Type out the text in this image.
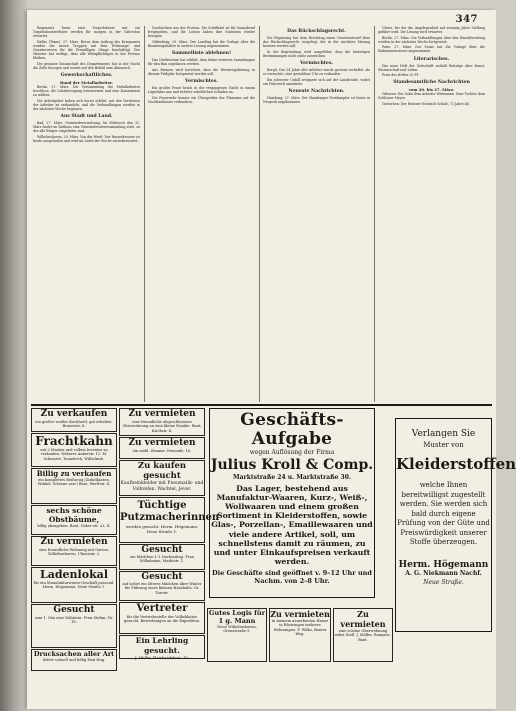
347

Regiments fowie zwei Torpedoboote mit ein Torpedobootzerftörer werden für morgen in der Galveston erwartet.

Dallas (Texas), 27. März. Bevor dem Auftrag des Kriegsamts wurden die neuen Truppen mit dem Wohnungs- und Quartierwesen für die Freiwilligen Gänge beschäftigt. Der Minister hat verfügt, dass alle Wehrpflichtigen in der Provinz bleiben.

Die gesamte Mannschaft des Departements hat in der Nacht die Zelte bezogen und wartet auf den Befehl zum Abmarsch.

Gewerkschaftliches.
Bund der Metallarbeiter.

Berlin, 27. März. Die Versammlung der Metallarbeiter beschloss, die Lohnbewegung fortzusetzen und eine Kommission zu wählen.

Die Arbeitgeber haben sich bereit erklärt, mit den Vertretern der Arbeiter zu verhandeln, und die Verhandlungen werden in der nächsten Woche beginnen.

Aus Stadt und Land.

Bad, 27. März. Gemeindeverwaltung. Im Mittwoch den 31. März findet im Rathaus eine Gemeinderatsversammlung statt, zu der alle Bürger eingeladen sind.

Wilhelmshaven, 29. März. Von der Werft. Der Panzerkreuzer ist heute ausgelaufen und wird im Laufe der Woche zurückerwartet.

Nachrichten aus der Provinz. Die Schiffahrt ist für Sonnabend freigegeben, und die Lotsen haben ihre Stationen wieder bezogen.

Oldenburg, 29. März. Der Landtag hat die Vorlage über die Beamtengehälter in zweiter Lesung angenommen.

Sammelliste ablehnen!

Das Direktorium hat erklärt, dass keine weiteren Sammlungen für den Bau zugelassen werden.

Aus Bremen wird berichtet, dass die Weserregulierung in diesem Frühjahr fortgesetzt werden soll.

Vermischtes.

Ein großes Feuer brach in der vergangenen Nacht in einem Lagerhaus aus und richtete erheblichen Schaden an.

Die Feuerwehr konnte ein Übergreifen der Flammen auf die Nachbarhäuser verhindern.

Das Rückschlagsrecht.

Die Regierung hat dem Reichstag einen Gesetzentwurf über das Rückschlagsrecht vorgelegt, der in der nächsten Sitzung beraten werden soll.

In der Begründung wird ausgeführt, dass die bisherigen Bestimmungen nicht mehr ausreichen.

Vermischtes.

Bergd. Der 24 Jahre alte Arbeiter wurde gestern verhaftet, als er versuchte, eine gestohlene Uhr zu verkaufen.

Ein schwerer Unfall ereignete sich auf der Landstraße, wobei ein Fuhrwerk umstürzte.

Neueste Nachrichten.

Hamburg, 27. März. Der Hamburger Postdampfer ist heute in Neuyork angekommen.

Christ. bei der die Angelegenheit auf zwanzig Jahre Stellung geführt wird. Die Lösung wird erwartet.

Berlin, 27. März. Die Verhandlungen über den Handelsvertrag werden in der nächsten Woche fortgesetzt.

Paris, 27. März. Der Senat hat die Vorlage über die Einkommensteuer angenommen.

Literarisches.

Das neue Heft der Zeitschrift enthält Beiträge über Kunst, Wissenschaft und Leben.

Preis des Heftes 50 Pf.

Standesamtliche Nachrichten
vom 20. bis 27. März.

Geboren: Ein Sohn dem Arbeiter Wehrmann. Eine Tochter dem Schlosser Meyer.

Gestorben: Der Rentner Heinrich Schulz, 72 Jahre alt.

Zu verkaufen
ein großer weißer Kochherd, gut erhalten. Brauerstr. 8.
Frachtkahn
mit 2 Masten und vollem Inventar zu verkaufen. Näheres Ankerstr. 12. M. Schmertz, Tonndeich, Wilhelmsh.
Billig zu verkaufen
ein komplettes Reißzeug (Zirkelkasten, Winkel, Schiene usw.) Bant, Werftstr. 4.
sechs schöne Obstbäume,
billig abzugeben. Bant, Göker-str. 22, II.
Zu vermieten
eine freundliche Wohnung mit Garten. Wilhelmshaven, Ulmenstr. 2.
Ladenlokal
für ein Manufakturwaren-Geschäft passend. Herm. Högemann, Neue Straße 1.
Gesucht
zum 1. Mai eine Nähterin. Frau Stefan, Nr. 18.
Drucksachen aller Art
liefert schnell und billig Paul Hug.
Zu vermieten
eine freundliche abgeschlossene Oberwohnung an eine kleine Familie. Bant, Kirchstr. 4.
Zu vermieten
ein möbl. Zimmer. Neuende, 16.
Zu kaufen gesucht
Kaufbeinkleider mit Pneumatik- und Vollreifen. Wachtel, Jever.
Tüchtige Putzmacherinnen
werden gesucht. Herm. Högemann, Neue Straße 1.
Gesucht
ein Mädchen f. 3 Nachmittag. Frau Wilhelmine, Marktstr. 1.
Gesucht
auf sofort ein älteres Mädchen über Winter für Führung eines kleinen Haushalts. Gr. Tortstr.
Vertreter
für die Vertriebsstelle des Volksblattes gesucht. Bewerbungen an die Expedition.
Ein Lehrling gesucht.
J. Müller, Kleinhandelsstr. 19.
Geschäfts-Aufgabe
wegen Auflösung der Firma
Julius Kroll & Comp.
Marktstraße 24 u. Marktstraße 30.
Das Lager, bestehend aus Manufaktur-Waaren, Kurz-, Weiß-, Wollwaaren und einem großen Sortiment in Kleiderstoffen, sowie Glas-, Porzellan-, Emaillewaaren und viele andere Artikel, soll, um schnellstens damit zu räumen, zu und unter Einkaufspreisen verkauft werden.
Die Geschäfte sind geöffnet v. 9–12 Uhr und Nachm. von 2–8 Uhr.
Gutes Logis für 1 g. Mann
Neue Wilhelmshaven, Grenzstraße 5.
Zu vermieten
in meinem neuerbauten Hause in Rüstringen mehrere Wohnungen. F. Wilke, Banter Weg.
Zu vermieten
eine schöne Oberwohnung nebst Stall. J. Müller, Rampstr., Bant.
Verlangen Sie
Muster von
Kleiderstoffen
welche Ihnen bereitwilligst zugestellt werden. Sie werden sich bald durch eigene Prüfung von der Güte und Preiswürdigkeit unserer Stoffe überzeugen.
Herm. Högemann
A. G. Niekmann Nachf.
Neue Straße.
